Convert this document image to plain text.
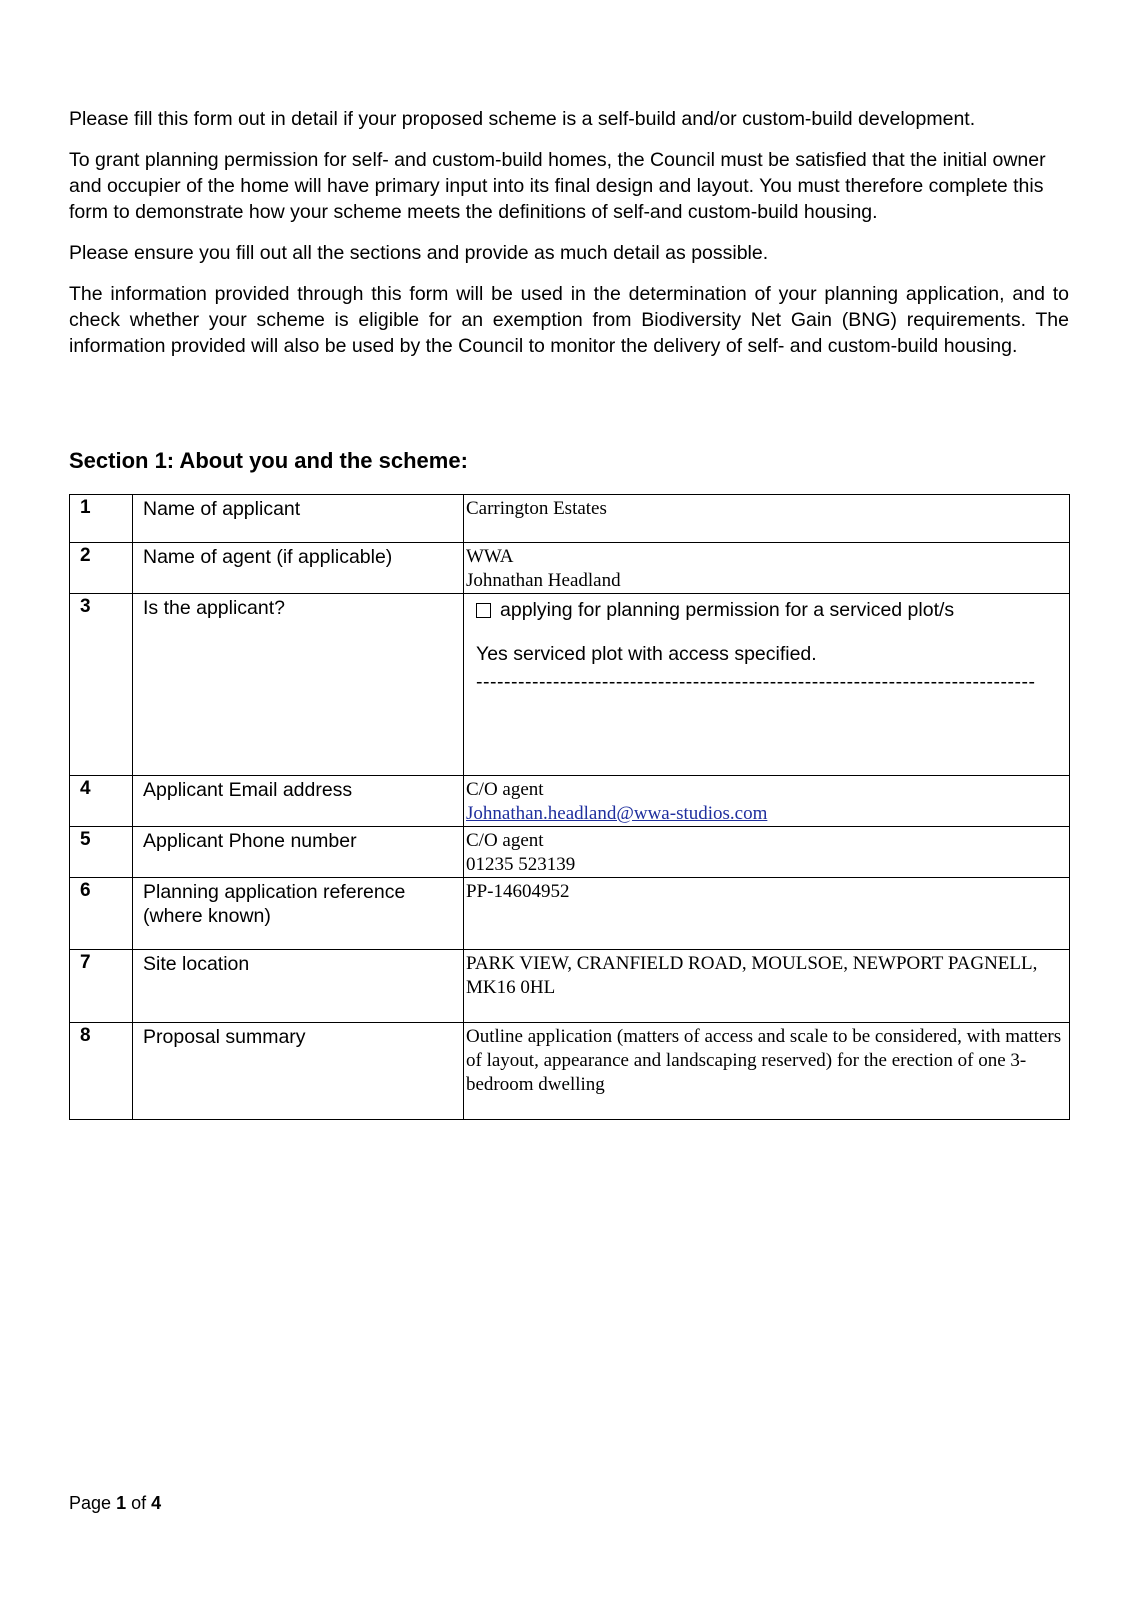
Please fill this form out in detail if your proposed scheme is a self-build and/or custom-build development.

To grant planning permission for self- and custom-build homes, the Council must be satisfied that the initial owner and occupier of the home will have primary input into its final design and layout. You must therefore complete this form to demonstrate how your scheme meets the definitions of self-and custom-build housing.

Please ensure you fill out all the sections and provide as much detail as possible.

The information provided through this form will be used in the determination of your planning application, and to check whether your scheme is eligible for an exemption from Biodiversity Net Gain (BNG) requirements. The information provided will also be used by the Council to monitor the delivery of self- and custom-build housing.

Section 1: About you and the scheme:
1	Name of applicant	Carrington Estates
2	Name of agent (if applicable)	WWA
Johnathan Headland

3	Is the applicant?	applying for planning permission for a serviced plot/s
Yes serviced plot with access specified.
--------------------------------------------------------------------------------

4	Applicant Email address	C/O agent
Johnathan.headland@wwa-studios.com

5	Applicant Phone number	C/O agent
01235 523139

6	Planning application reference (where known)	PP-14604952
7	Site location	PARK VIEW, CRANFIELD ROAD, MOULSOE, NEWPORT PAGNELL, MK16 0HL
8	Proposal summary	Outline application (matters of access and scale to be considered, with matters of layout, appearance and landscaping reserved) for the erection of one 3-bedroom dwelling
Page 1 of 4
